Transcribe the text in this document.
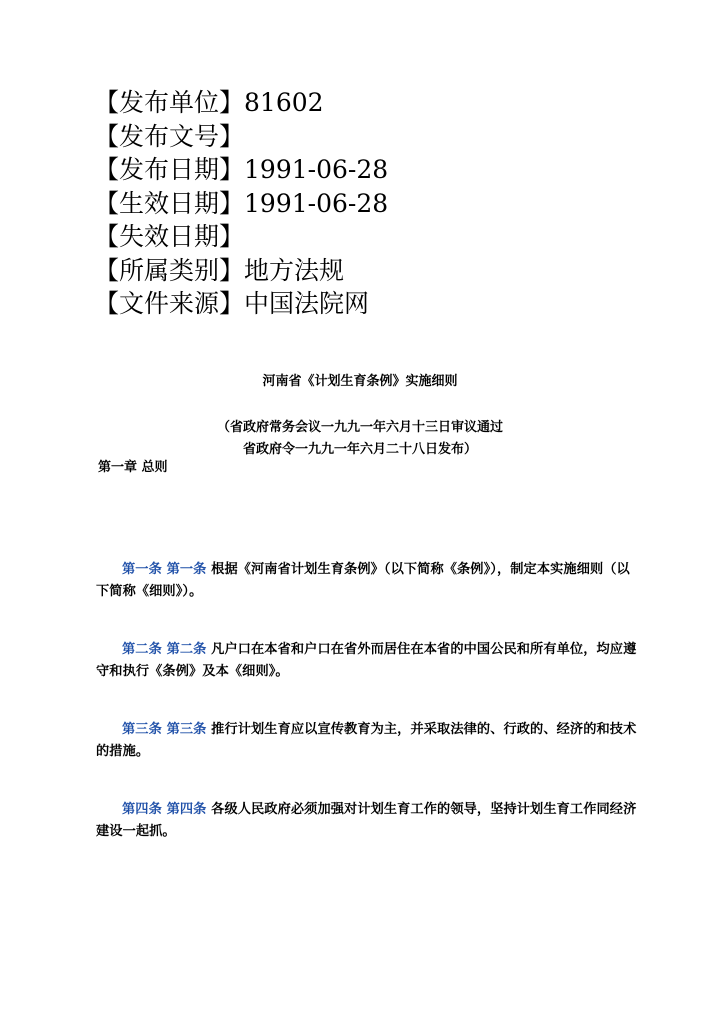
【发布单位】81602
【发布文号】
【发布日期】1991-06-28
【生效日期】1991-06-28
【失效日期】
【所属类别】地方法规
【文件来源】中国法院网
河南省《计划生育条例》实施细则
（省政府常务会议一九九一年六月十三日审议通过
省政府令一九九一年六月二十八日发布）
第一章 总则
第一条 第一条 根据《河南省计划生育条例》（以下简称《条例》），制定本实施细则（以下简称《细则》）。
第二条 第二条 凡户口在本省和户口在省外而居住在本省的中国公民和所有单位，均应遵守和执行《条例》及本《细则》。
第三条 第三条 推行计划生育应以宣传教育为主，并采取法律的、行政的、经济的和技术的措施。
第四条 第四条 各级人民政府必须加强对计划生育工作的领导，坚持计划生育工作同经济建设一起抓。
